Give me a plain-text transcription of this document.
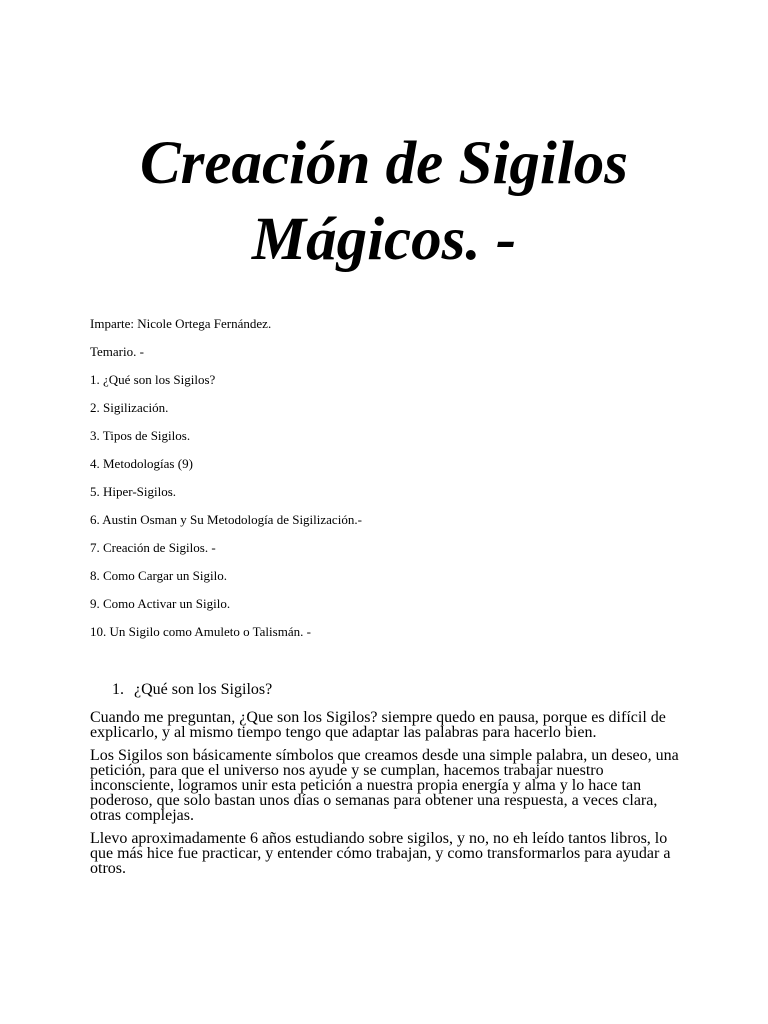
Creación de Sigilos
Mágicos. -

Imparte: Nicole Ortega Fernández.

Temario. -

1. ¿Qué son los Sigilos?
2. Sigilización.
3. Tipos de Sigilos.
4. Metodologías (9)
5. Hiper-Sigilos.
6. Austin Osman y Su Metodología de Sigilización.-
7. Creación de Sigilos. -
8. Como Cargar un Sigilo.
9. Como Activar un Sigilo.
10. Un Sigilo como Amuleto o Talismán. -
1. ¿Qué son los Sigilos?

Cuando me preguntan, ¿Que son los Sigilos? siempre quedo en pausa, porque es difícil de explicarlo, y al mismo tiempo tengo que adaptar las palabras para hacerlo bien.

Los Sigilos son básicamente símbolos que creamos desde una simple palabra, un deseo, una petición, para que el universo nos ayude y se cumplan, hacemos trabajar nuestro inconsciente, logramos unir esta petición a nuestra propia energía y alma y lo hace tan poderoso, que solo bastan unos días o semanas para obtener una respuesta, a veces clara, otras complejas.

Llevo aproximadamente 6 años estudiando sobre sigilos, y no, no eh leído tantos libros, lo que más hice fue practicar, y entender cómo trabajan, y como transformarlos para ayudar a otros.
